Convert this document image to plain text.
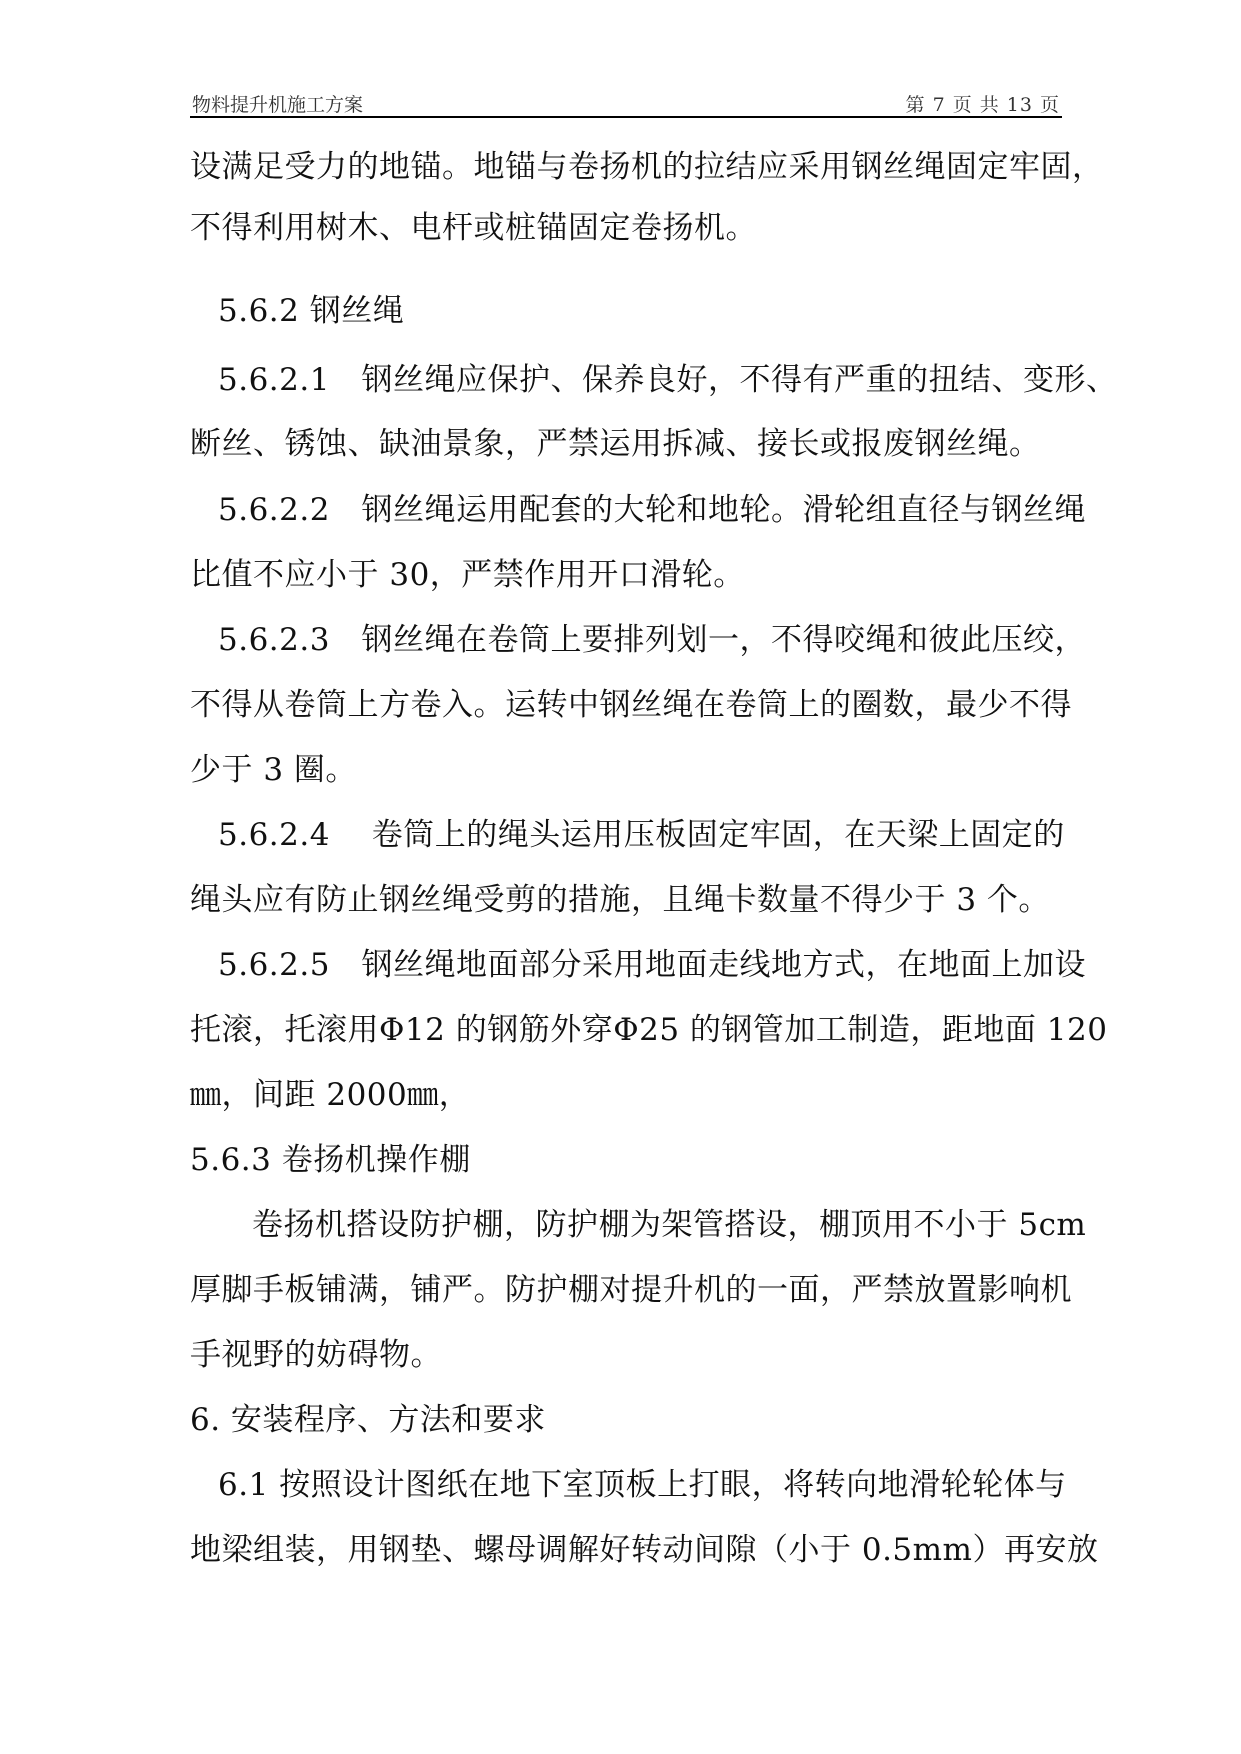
物料提升机施工方案	第 7 页 共 13 页
设满足受力的地锚。地锚与卷扬机的拉结应采用钢丝绳固定牢固，
不得利用树木、电杆或桩锚固定卷扬机。
5.6.2 钢丝绳
5.6.2.1　钢丝绳应保护、保养良好，不得有严重的扭结、变形、
断丝、锈蚀、缺油景象，严禁运用拆减、接长或报废钢丝绳。
5.6.2.2　钢丝绳运用配套的大轮和地轮。滑轮组直径与钢丝绳
比值不应小于 30，严禁作用开口滑轮。
5.6.2.3　钢丝绳在卷筒上要排列划一，不得咬绳和彼此压绞，
不得从卷筒上方卷入。运转中钢丝绳在卷筒上的圈数，最少不得
少于 3 圈。
5.6.2.4　 卷筒上的绳头运用压板固定牢固，在天梁上固定的
绳头应有防止钢丝绳受剪的措施，且绳卡数量不得少于 3 个。
5.6.2.5　钢丝绳地面部分采用地面走线地方式，在地面上加设
托滚，托滚用Φ12 的钢筋外穿Φ25 的钢管加工制造，距地面 120
㎜，间距 2000㎜，
5.6.3 卷扬机操作棚
卷扬机搭设防护棚，防护棚为架管搭设，棚顶用不小于 5cm
厚脚手板铺满，铺严。防护棚对提升机的一面，严禁放置影响机
手视野的妨碍物。
6. 安装程序、方法和要求
6.1 按照设计图纸在地下室顶板上打眼，将转向地滑轮轮体与
地梁组装，用钢垫、螺母调解好转动间隙（小于 0.5mm）再安放
